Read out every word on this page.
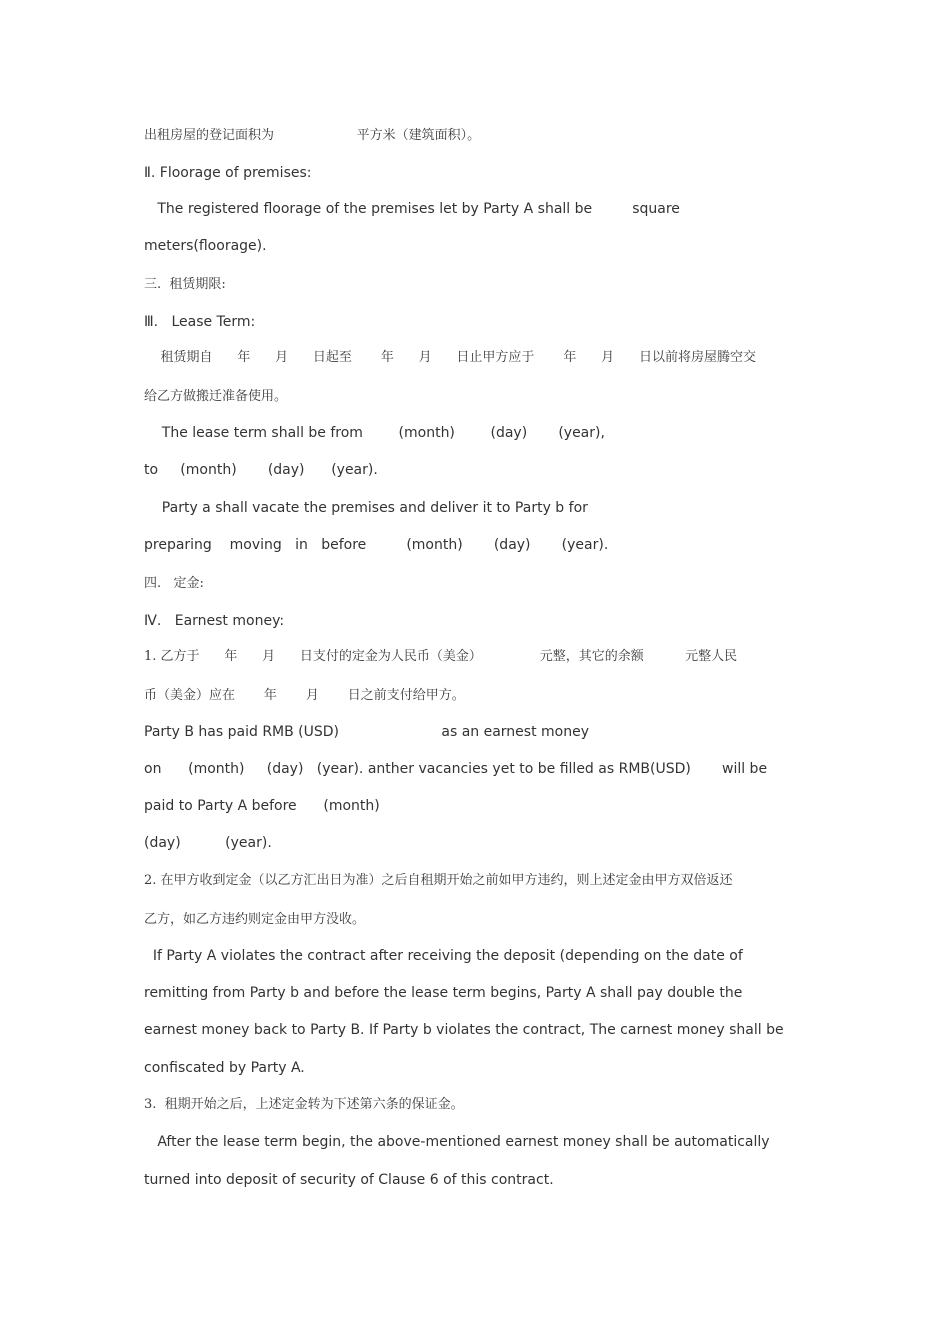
出租房屋的登记面积为                    平方米（建筑面积）。
Ⅱ. Floorage of premises:
The registered floorage of the premises let by Party A shall be         square
meters(floorage).
三.  租赁期限:
Ⅲ.   Lease Term:
租赁期自      年      月      日起至       年      月      日止甲方应于       年      月      日以前将房屋腾空交
给乙方做搬迁准备使用。
The lease term shall be from        (month)        (day)       (year),
to     (month)       (day)      (year).
Party a shall vacate the premises and deliver it to Party b for
preparing    moving   in   before         (month)       (day)       (year).
四.   定金:
Ⅳ.   Earnest money:
1. 乙方于      年      月      日支付的定金为人民币（美金）              元整，其它的余额          元整人民
币（美金）应在       年       月       日之前支付给甲方。
Party B has paid RMB (USD)                       as an earnest money
on      (month)     (day)   (year). anther vacancies yet to be filled as RMB(USD)       will be
paid to Party A before      (month)
(day)          (year).
2. 在甲方收到定金（以乙方汇出日为准）之后自租期开始之前如甲方违约，则上述定金由甲方双倍返还
乙方，如乙方违约则定金由甲方没收。
If Party A violates the contract after receiving the deposit (depending on the date of
remitting from Party b and before the lease term begins, Party A shall pay double the
earnest money back to Party B. If Party b violates the contract, The carnest money shall be
confiscated by Party A.
3.  租期开始之后，上述定金转为下述第六条的保证金。
After the lease term begin, the above-mentioned earnest money shall be automatically
turned into deposit of security of Clause 6 of this contract.
